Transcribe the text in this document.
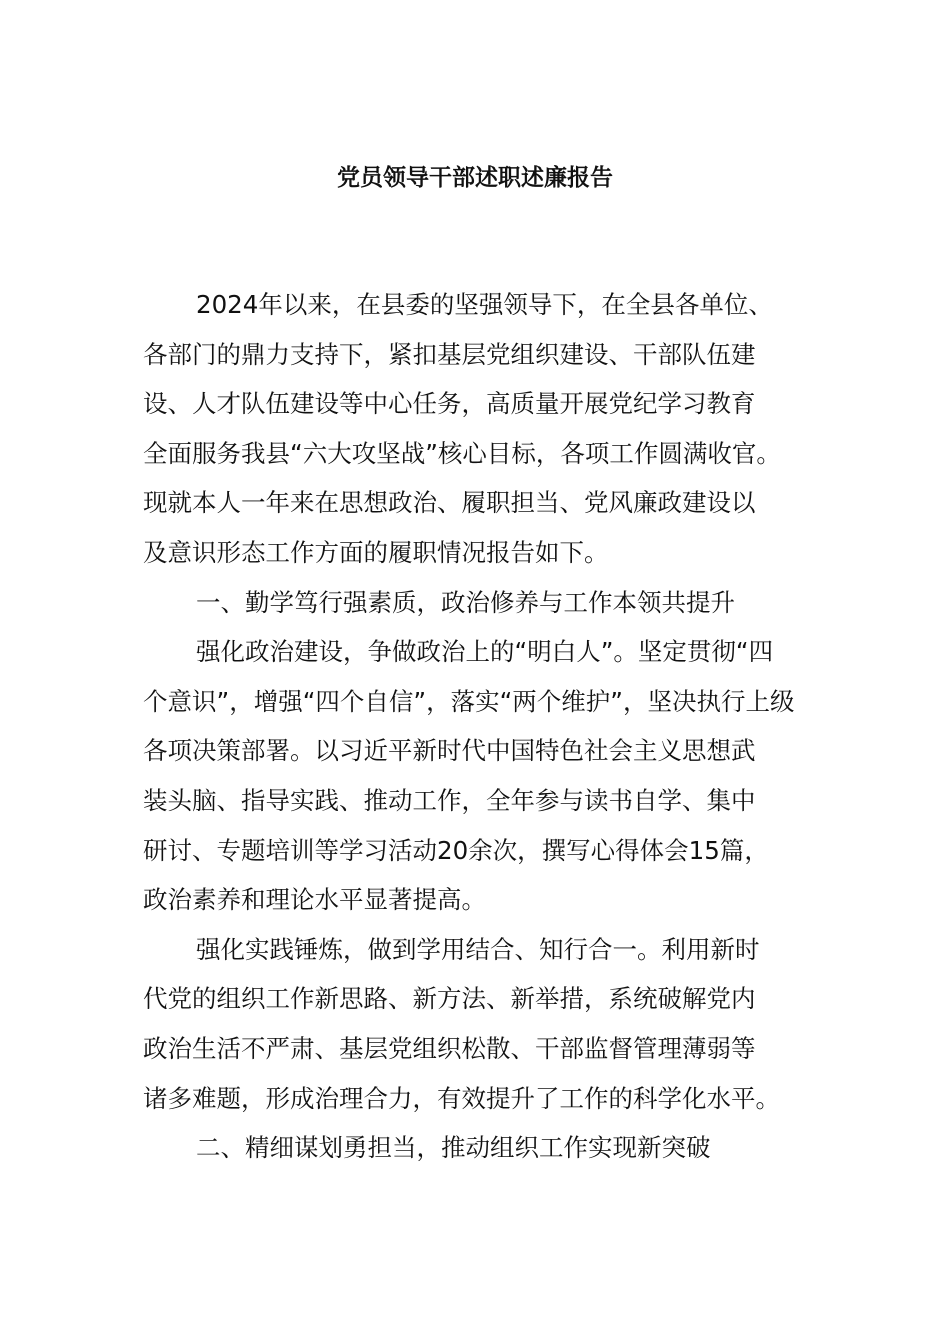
党员领导干部述职述廉报告
2024年以来，在县委的坚强领导下，在全县各单位、
各部门的鼎力支持下，紧扣基层党组织建设、干部队伍建
设、人才队伍建设等中心任务，高质量开展党纪学习教育
全面服务我县“六大攻坚战”核心目标，各项工作圆满收官。
现就本人一年来在思想政治、履职担当、党风廉政建设以
及意识形态工作方面的履职情况报告如下。
一、勤学笃行强素质，政治修养与工作本领共提升
强化政治建设，争做政治上的“明白人”。坚定贯彻“四
个意识”，增强“四个自信”，落实“两个维护”，坚决执行上级
各项决策部署。以习近平新时代中国特色社会主义思想武
装头脑、指导实践、推动工作，全年参与读书自学、集中
研讨、专题培训等学习活动20余次，撰写心得体会15篇，
政治素养和理论水平显著提高。
强化实践锤炼，做到学用结合、知行合一。利用新时
代党的组织工作新思路、新方法、新举措，系统破解党内
政治生活不严肃、基层党组织松散、干部监督管理薄弱等
诸多难题，形成治理合力，有效提升了工作的科学化水平。
二、精细谋划勇担当，推动组织工作实现新突破
